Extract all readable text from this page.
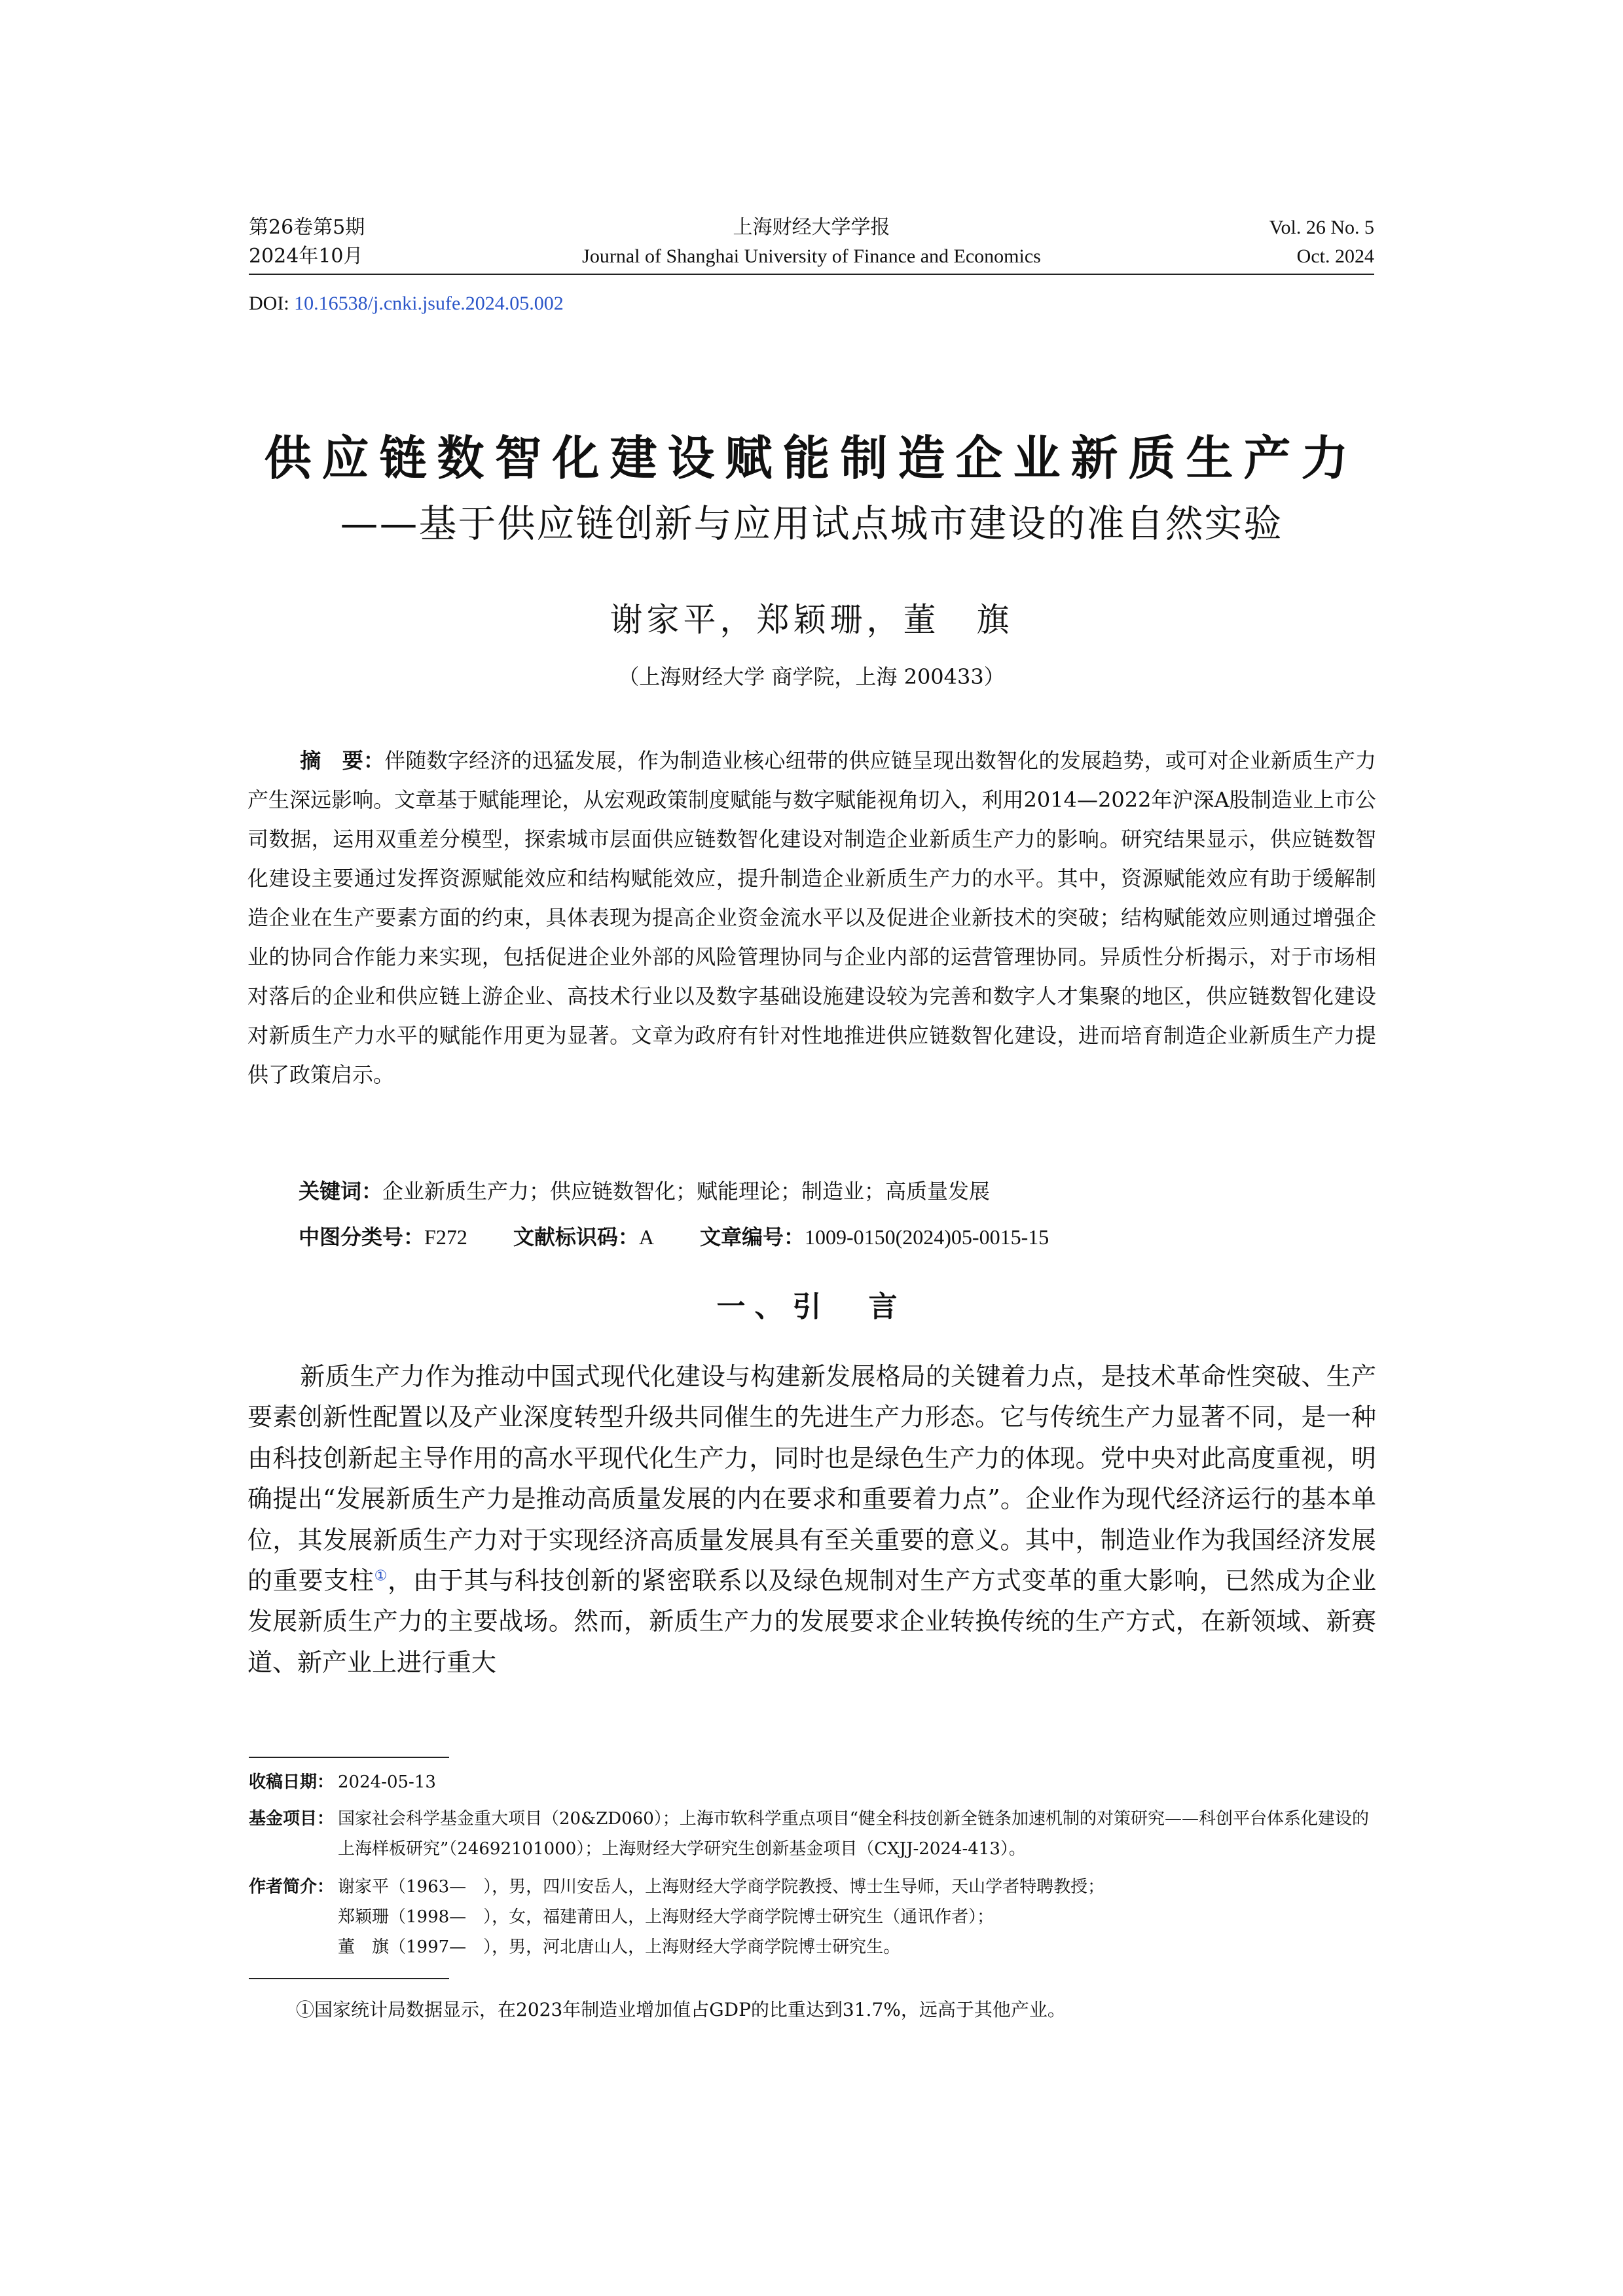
第26卷第5期
2024年10月
上海财经大学学报
Journal of Shanghai University of Finance and Economics
Vol. 26 No. 5
Oct. 2024
DOI: 10.16538/j.cnki.jsufe.2024.05.002
供应链数智化建设赋能制造企业新质生产力
——基于供应链创新与应用试点城市建设的准自然实验
谢家平，郑颖珊，董　旗
（上海财经大学 商学院，上海 200433）
摘　要：伴随数字经济的迅猛发展，作为制造业核心纽带的供应链呈现出数智化的发展趋势，或可对企业新质生产力产生深远影响。文章基于赋能理论，从宏观政策制度赋能与数字赋能视角切入，利用2014—2022年沪深A股制造业上市公司数据，运用双重差分模型，探索城市层面供应链数智化建设对制造企业新质生产力的影响。研究结果显示，供应链数智化建设主要通过发挥资源赋能效应和结构赋能效应，提升制造企业新质生产力的水平。其中，资源赋能效应有助于缓解制造企业在生产要素方面的约束，具体表现为提高企业资金流水平以及促进企业新技术的突破；结构赋能效应则通过增强企业的协同合作能力来实现，包括促进企业外部的风险管理协同与企业内部的运营管理协同。异质性分析揭示，对于市场相对落后的企业和供应链上游企业、高技术行业以及数字基础设施建设较为完善和数字人才集聚的地区，供应链数智化建设对新质生产力水平的赋能作用更为显著。文章为政府有针对性地推进供应链数智化建设，进而培育制造企业新质生产力提供了政策启示。
关键词：企业新质生产力；供应链数智化；赋能理论；制造业；高质量发展
中图分类号：F272 文献标识码：A 文章编号：1009-0150(2024)05-0015-15
一、引　言
新质生产力作为推动中国式现代化建设与构建新发展格局的关键着力点，是技术革命性突破、生产要素创新性配置以及产业深度转型升级共同催生的先进生产力形态。它与传统生产力显著不同，是一种由科技创新起主导作用的高水平现代化生产力，同时也是绿色生产力的体现。党中央对此高度重视，明确提出“发展新质生产力是推动高质量发展的内在要求和重要着力点”。企业作为现代经济运行的基本单位，其发展新质生产力对于实现经济高质量发展具有至关重要的意义。其中，制造业作为我国经济发展的重要支柱①，由于其与科技创新的紧密联系以及绿色规制对生产方式变革的重大影响，已然成为企业发展新质生产力的主要战场。然而，新质生产力的发展要求企业转换传统的生产方式，在新领域、新赛道、新产业上进行重大
收稿日期： 2024-05-13
基金项目： 国家社会科学基金重大项目（20&ZD060）；上海市软科学重点项目“健全科技创新全链条加速机制的对策研究——科创平台体系化建设的上海样板研究”（24692101000）；上海财经大学研究生创新基金项目（CXJJ-2024-413）。
作者简介： 谢家平（1963—　），男，四川安岳人，上海财经大学商学院教授、博士生导师，天山学者特聘教授；
郑颖珊（1998—　），女，福建莆田人，上海财经大学商学院博士研究生（通讯作者）；
董　旗（1997—　），男，河北唐山人，上海财经大学商学院博士研究生。
①国家统计局数据显示，在2023年制造业增加值占GDP的比重达到31.7%，远高于其他产业。
